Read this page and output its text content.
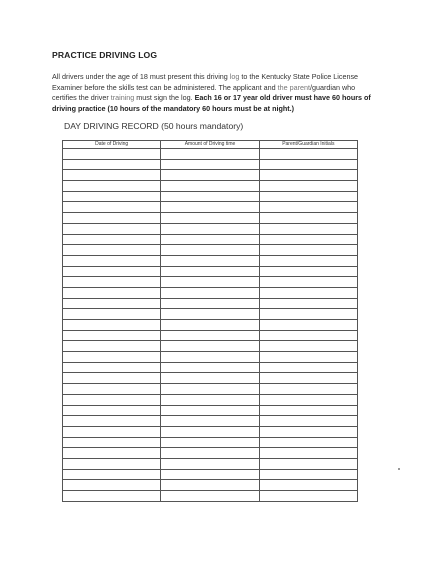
PRACTICE DRIVING LOG
All drivers under the age of 18 must present this driving log to the Kentucky State Police License Examiner before the skills test can be administered. The applicant and the parent/guardian who certifies the driver training must sign the log. Each 16 or 17 year old driver must have 60 hours of driving practice (10 hours of the mandatory 60 hours must be at night.)
DAY DRIVING RECORD (50 hours mandatory)
Date of Driving	Amount of Driving time	Parent/Guardian Initials
